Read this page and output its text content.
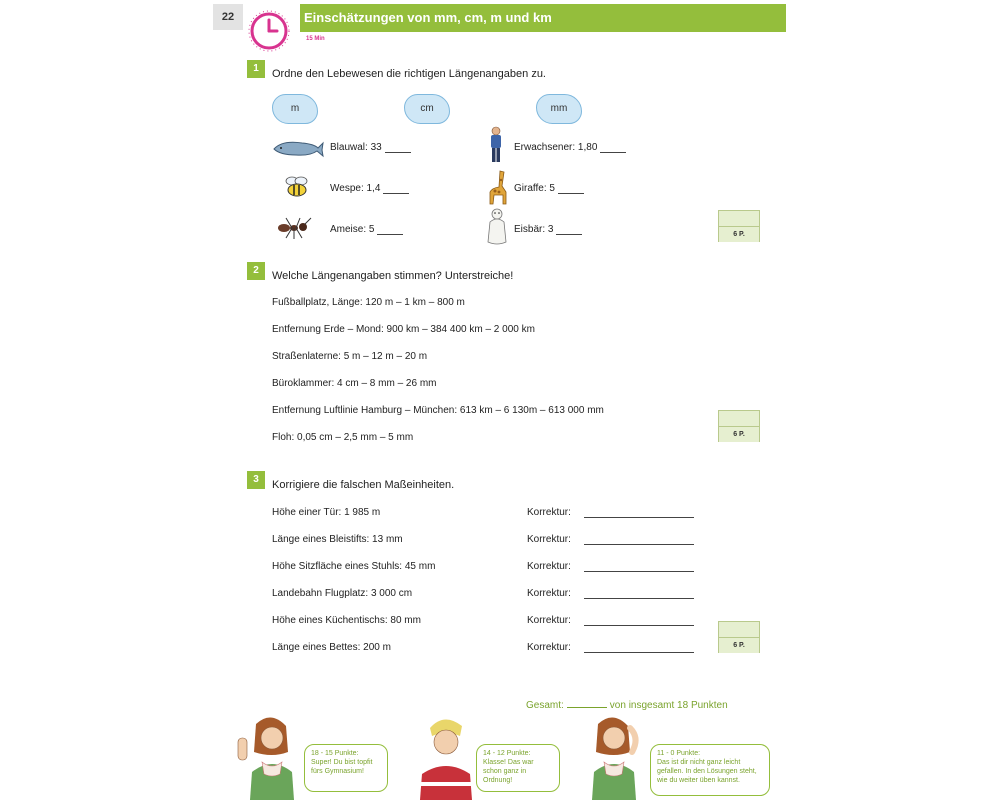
22	Einschätzungen von mm, cm, m und km
15 Min
1	Ordne den Lebewesen die richtigen Längenangaben zu.
m	cm	mm
Blauwal: 33
Wespe: 1,4
Ameise: 5
Erwachsener: 1,80
Giraffe: 5
Eisbär: 3	6 P.
2	Welche Längenangaben stimmen? Unterstreiche!
Fußballplatz, Länge: 120 m – 1 km – 800 m
Entfernung Erde – Mond: 900 km – 384 400 km – 2 000 km
Straßenlaterne: 5 m – 12 m – 20 m
Büroklammer: 4 cm – 8 mm – 26 mm
Entfernung Luftlinie Hamburg – München: 613 km – 6 130m – 613 000 mm
Floh: 0,05 cm – 2,5 mm – 5 mm	6 P.
3	Korrigiere die falschen Maßeinheiten.
Höhe einer Tür: 1 985 m	Korrektur:
Länge eines Bleistifts: 13 mm	Korrektur:
Höhe Sitzfläche eines Stuhls: 45 mm	Korrektur:
Landebahn Flugplatz: 3 000 cm	Korrektur:
Höhe eines Küchentischs: 80 mm	Korrektur:
Länge eines Bettes: 200 m	Korrektur:	6 P.
Gesamt:	von insgesamt 18 Punkten
18 - 15 Punkte:
Super! Du bist topfit fürs Gymnasium!
14 - 12 Punkte:
Klasse! Das war schon ganz in Ordnung!
11 - 0 Punkte:
Das ist dir nicht ganz leicht gefallen. In den Lösungen steht, wie du weiter üben kannst.
